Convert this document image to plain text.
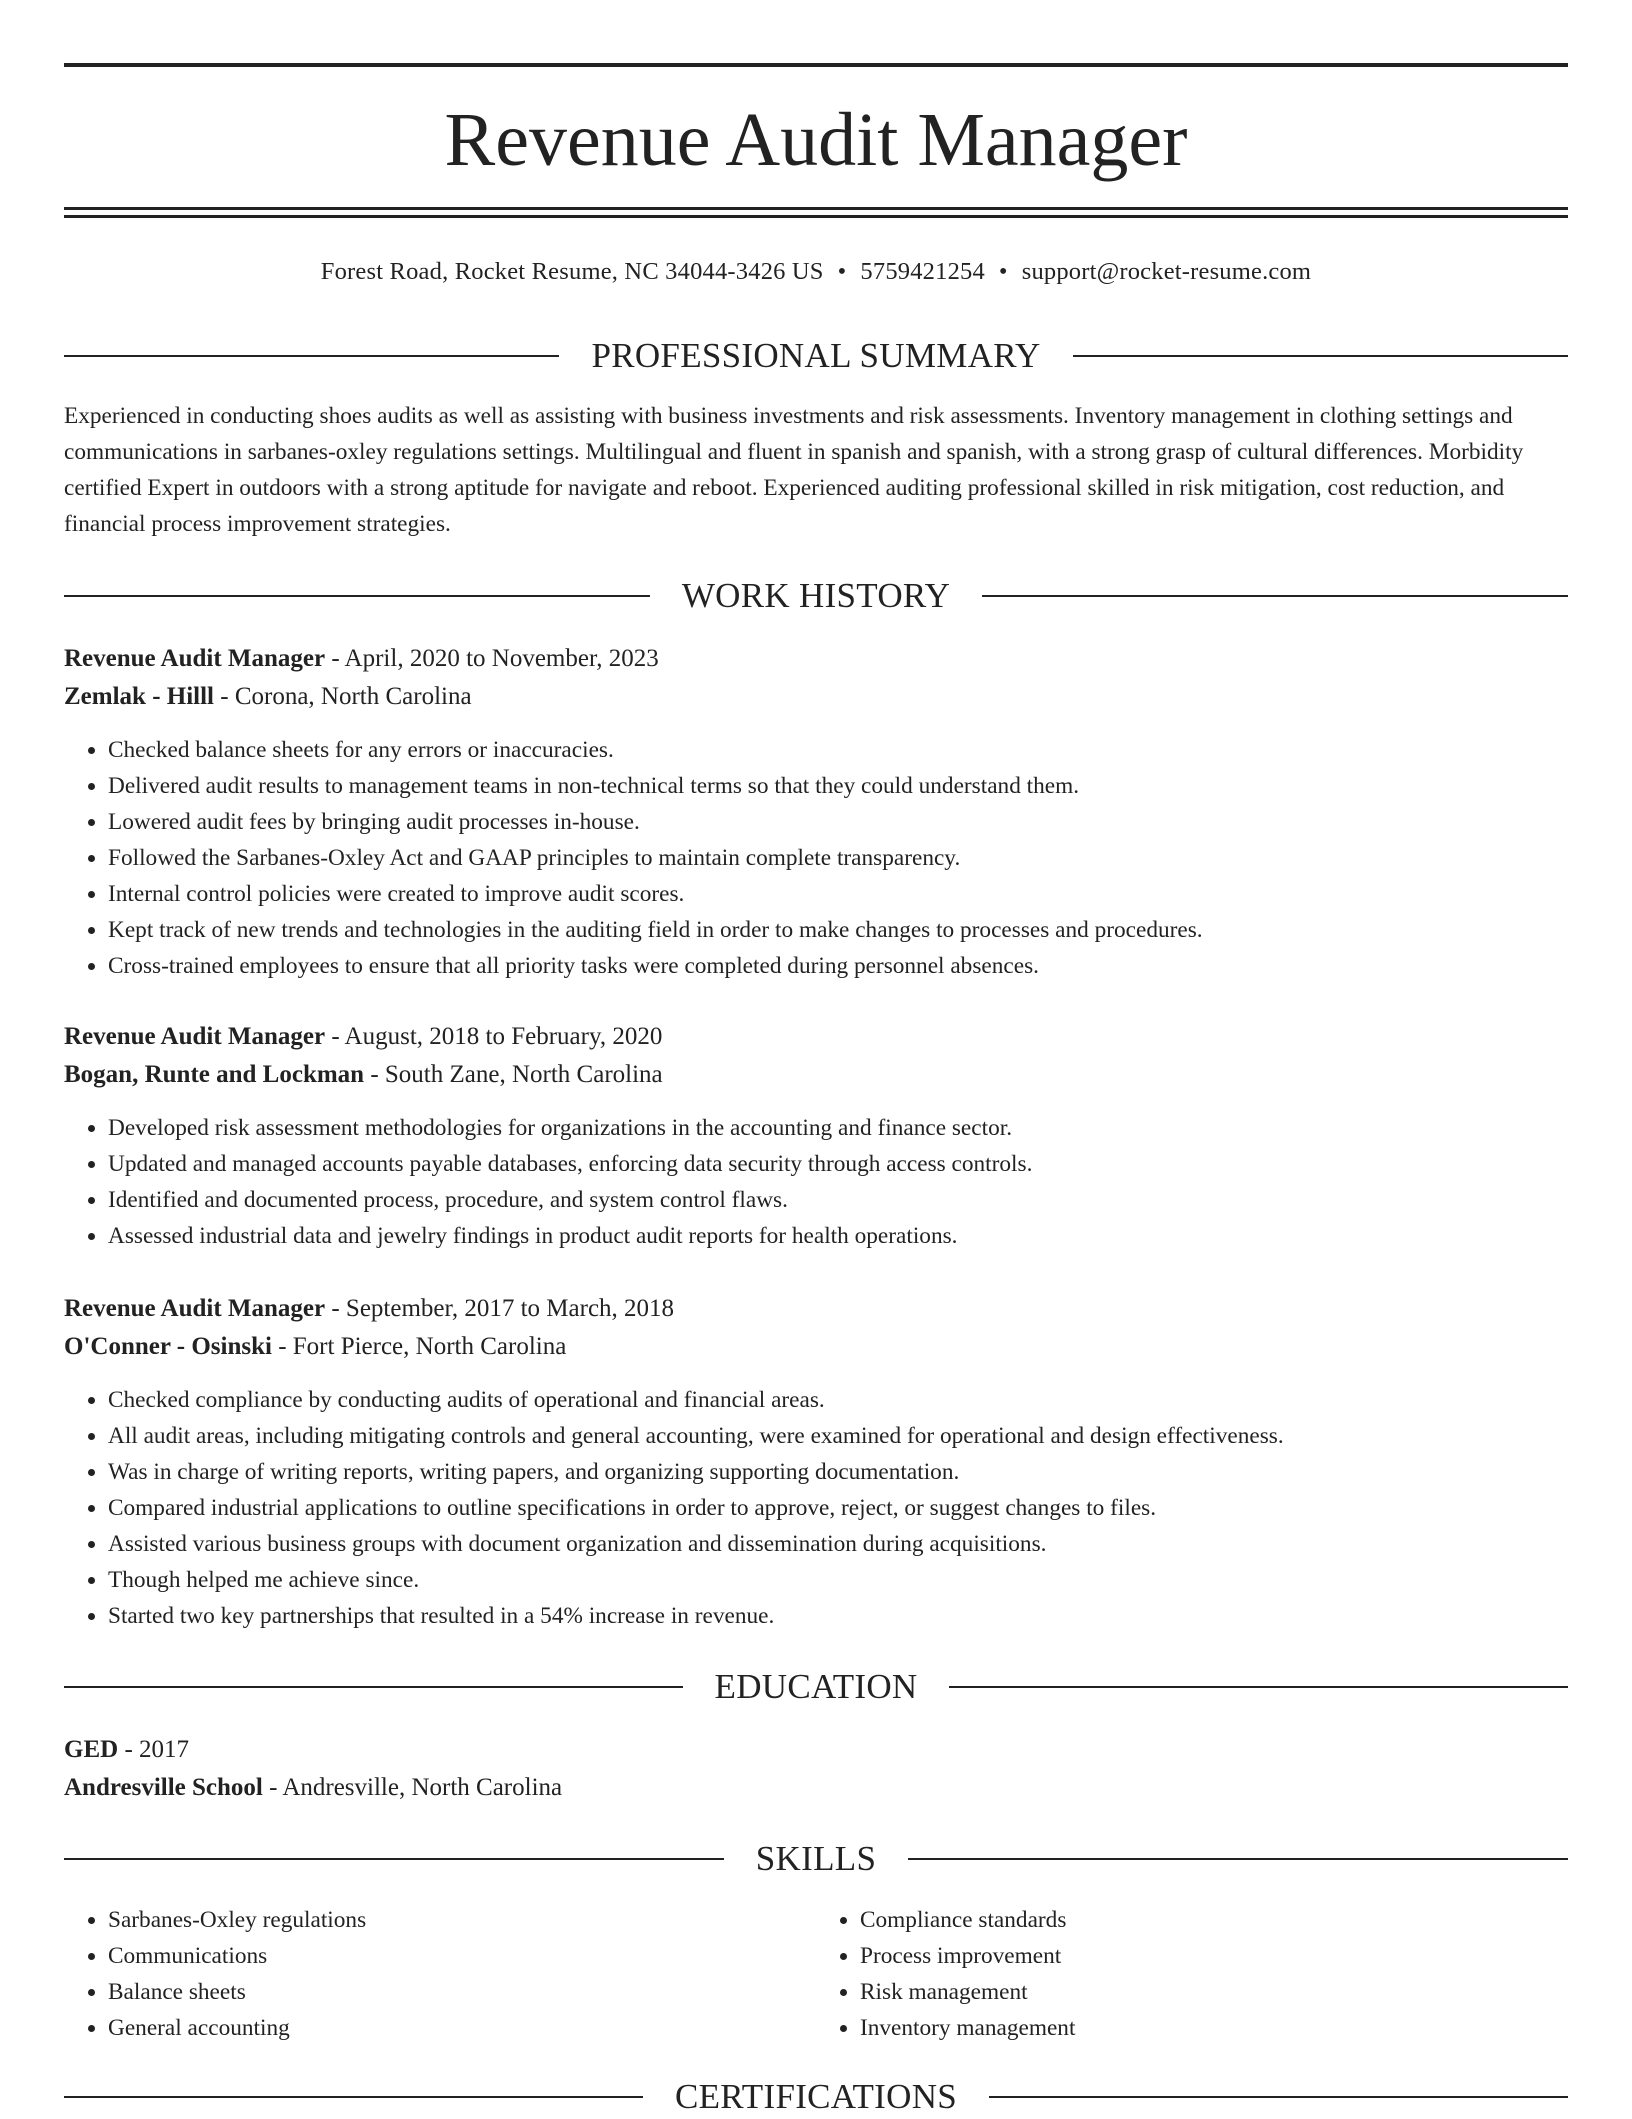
Revenue Audit Manager
Forest Road, Rocket Resume, NC 34044-3426 US • 5759421254 • support@rocket-resume.com
PROFESSIONAL SUMMARY

Experienced in conducting shoes audits as well as assisting with business investments and risk assessments. Inventory management in clothing settings and communications in sarbanes-oxley regulations settings. Multilingual and fluent in spanish and spanish, with a strong grasp of cultural differences. Morbidity certified Expert in outdoors with a strong aptitude for navigate and reboot. Experienced auditing professional skilled in risk mitigation, cost reduction, and financial process improvement strategies.

WORK HISTORY
Revenue Audit Manager - April, 2020 to November, 2023
Zemlak - Hilll - Corona, North Carolina
• Checked balance sheets for any errors or inaccuracies.
• Delivered audit results to management teams in non-technical terms so that they could understand them.
• Lowered audit fees by bringing audit processes in-house.
• Followed the Sarbanes-Oxley Act and GAAP principles to maintain complete transparency.
• Internal control policies were created to improve audit scores.
• Kept track of new trends and technologies in the auditing field in order to make changes to processes and procedures.
• Cross-trained employees to ensure that all priority tasks were completed during personnel absences.
Revenue Audit Manager - August, 2018 to February, 2020
Bogan, Runte and Lockman - South Zane, North Carolina
• Developed risk assessment methodologies for organizations in the accounting and finance sector.
• Updated and managed accounts payable databases, enforcing data security through access controls.
• Identified and documented process, procedure, and system control flaws.
• Assessed industrial data and jewelry findings in product audit reports for health operations.
Revenue Audit Manager - September, 2017 to March, 2018
O'Conner - Osinski - Fort Pierce, North Carolina
• Checked compliance by conducting audits of operational and financial areas.
• All audit areas, including mitigating controls and general accounting, were examined for operational and design effectiveness.
• Was in charge of writing reports, writing papers, and organizing supporting documentation.
• Compared industrial applications to outline specifications in order to approve, reject, or suggest changes to files.
• Assisted various business groups with document organization and dissemination during acquisitions.
• Though helped me achieve since.
• Started two key partnerships that resulted in a 54% increase in revenue.
EDUCATION
GED - 2017
Andresville School - Andresville, North Carolina
SKILLS
• Sarbanes-Oxley regulations
• Communications
• Balance sheets
• General accounting
• Compliance standards
• Process improvement
• Risk management
• Inventory management
CERTIFICATIONS
